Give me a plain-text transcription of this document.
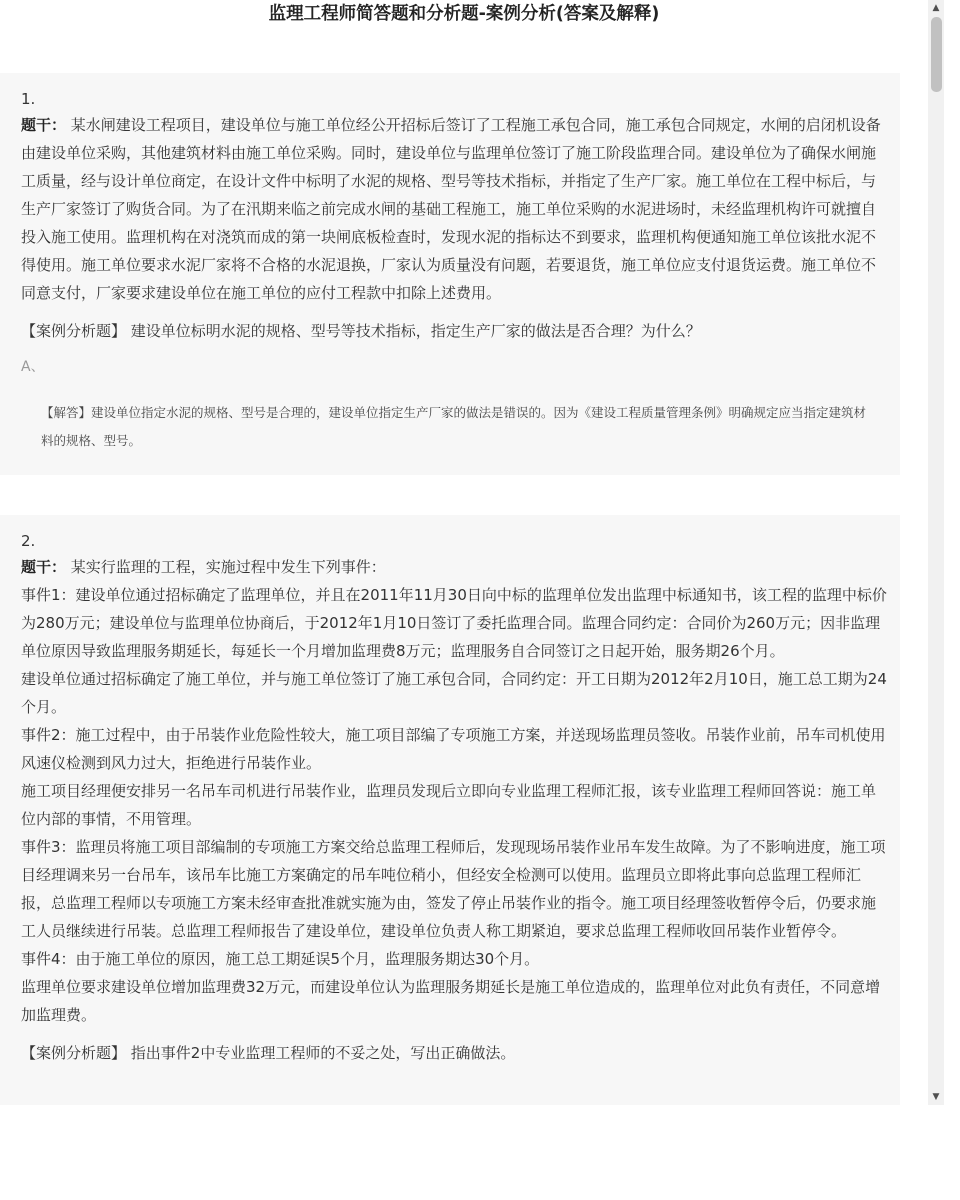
监理工程师简答题和分析题-案例分析(答案及解释)
1.

题干： 某水闸建设工程项目，建设单位与施工单位经公开招标后签订了工程施工承包合同，施工承包合同规定，水闸的启闭机设备由建设单位采购，其他建筑材料由施工单位采购。同时，建设单位与监理单位签订了施工阶段监理合同。建设单位为了确保水闸施工质量，经与设计单位商定，在设计文件中标明了水泥的规格、型号等技术指标，并指定了生产厂家。施工单位在工程中标后，与生产厂家签订了购货合同。为了在汛期来临之前完成水闸的基础工程施工，施工单位采购的水泥进场时，未经监理机构许可就擅自投入施工使用。监理机构在对浇筑而成的第一块闸底板检查时，发现水泥的指标达不到要求，监理机构便通知施工单位该批水泥不得使用。施工单位要求水泥厂家将不合格的水泥退换，厂家认为质量没有问题，若要退货，施工单位应支付退货运费。施工单位不同意支付，厂家要求建设单位在施工单位的应付工程款中扣除上述费用。

【案例分析题】 建设单位标明水泥的规格、型号等技术指标，指定生产厂家的做法是否合理？为什么？
A、
【解答】建设单位指定水泥的规格、型号是合理的，建设单位指定生产厂家的做法是错误的。因为《建设工程质量管理条例》明确规定应当指定建筑材料的规格、型号。
2.

题干： 某实行监理的工程，实施过程中发生下列事件：

事件1：建设单位通过招标确定了监理单位，并且在2011年11月30日向中标的监理单位发出监理中标通知书，该工程的监理中标价为280万元；建设单位与监理单位协商后，于2012年1月10日签订了委托监理合同。监理合同约定：合同价为260万元；因非监理单位原因导致监理服务期延长，每延长一个月增加监理费8万元；监理服务自合同签订之日起开始，服务期26个月。

建设单位通过招标确定了施工单位，并与施工单位签订了施工承包合同，合同约定：开工日期为2012年2月10日，施工总工期为24个月。

事件2：施工过程中，由于吊装作业危险性较大，施工项目部编了专项施工方案，并送现场监理员签收。吊装作业前，吊车司机使用风速仪检测到风力过大，拒绝进行吊装作业。

施工项目经理便安排另一名吊车司机进行吊装作业，监理员发现后立即向专业监理工程师汇报，该专业监理工程师回答说：施工单位内部的事情，不用管理。

事件3：监理员将施工项目部编制的专项施工方案交给总监理工程师后，发现现场吊装作业吊车发生故障。为了不影响进度，施工项目经理调来另一台吊车，该吊车比施工方案确定的吊车吨位稍小，但经安全检测可以使用。监理员立即将此事向总监理工程师汇报，总监理工程师以专项施工方案未经审查批准就实施为由，签发了停止吊装作业的指令。施工项目经理签收暂停令后，仍要求施工人员继续进行吊装。总监理工程师报告了建设单位，建设单位负责人称工期紧迫，要求总监理工程师收回吊装作业暂停令。

事件4：由于施工单位的原因，施工总工期延误5个月，监理服务期达30个月。

监理单位要求建设单位增加监理费32万元，而建设单位认为监理服务期延长是施工单位造成的，监理单位对此负有责任，不同意增加监理费。

【案例分析题】 指出事件2中专业监理工程师的不妥之处，写出正确做法。
▲
▼
